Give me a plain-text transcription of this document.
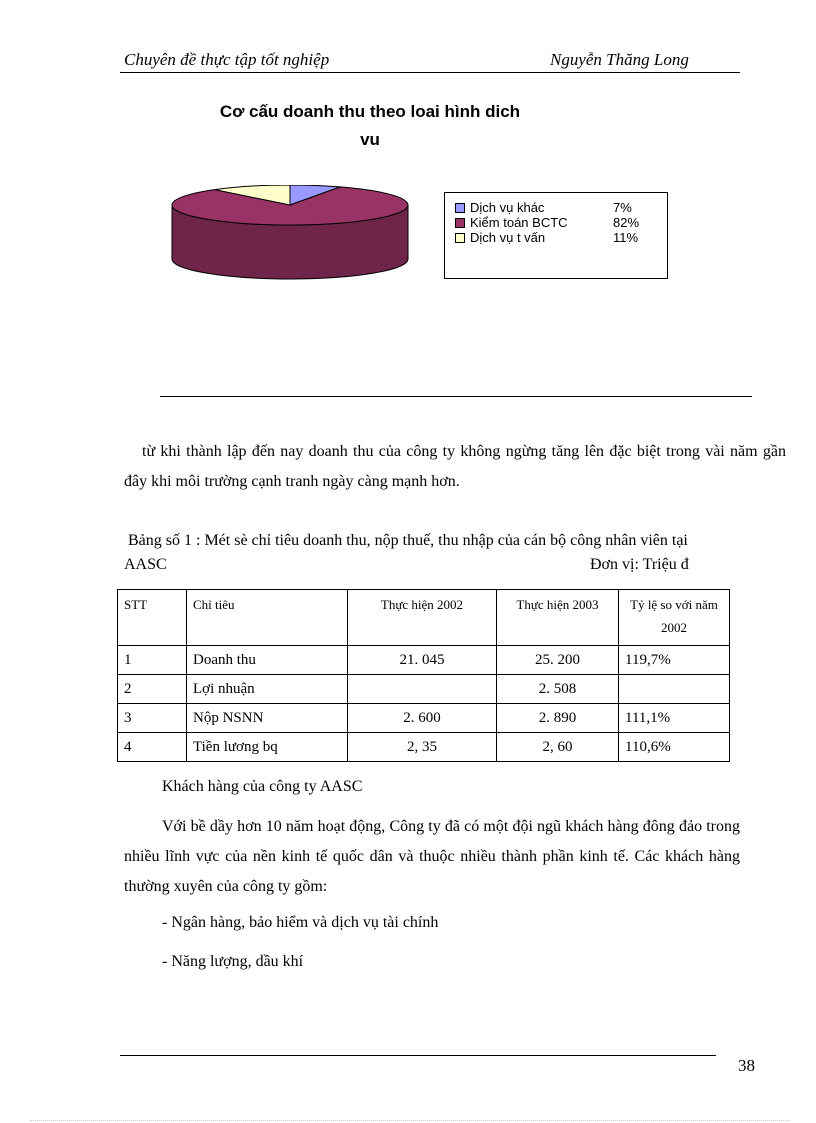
Chuyên đề thực tập tốt nghiệp	Nguyễn Thăng Long
Cơ cấu doanh thu theo loai hình dich
vu
Dịch vụ khác	7%
Kiểm toán BCTC	82%
Dịch vụ t vấn	11%
từ khi thành lập đến nay doanh thu của công ty không ngừng tăng lên đặc biệt trong vài năm gần đây khi môi trường cạnh tranh ngày càng mạnh hơn.
Bảng số 1 : Mét sè chỉ tiêu doanh thu, nộp thuế, thu nhập của cán bộ công nhân viên tại
AASC	Đơn vị: Triệu đ
STT	Chỉ tiêu	Thực hiện 2002	Thực hiện 2003	Tỷ lệ so với năm 2002
1	Doanh thu	21. 045	25. 200	119,7%
2	Lợi nhuận		2. 508	
3	Nộp NSNN	2. 600	2. 890	111,1%
4	Tiền lương bq	2, 35	2, 60	110,6%
Khách hàng của công ty AASC
Với bề dầy hơn 10 năm hoạt động, Công ty đã có một đội ngũ khách hàng đông đảo trong nhiều lĩnh vực của nền kinh tế quốc dân và thuộc nhiều thành phần kinh tế. Các khách hàng thường xuyên của công ty gồm:
- Ngân hàng, bảo hiểm và dịch vụ tài chính
- Năng lượng, dầu khí
38
